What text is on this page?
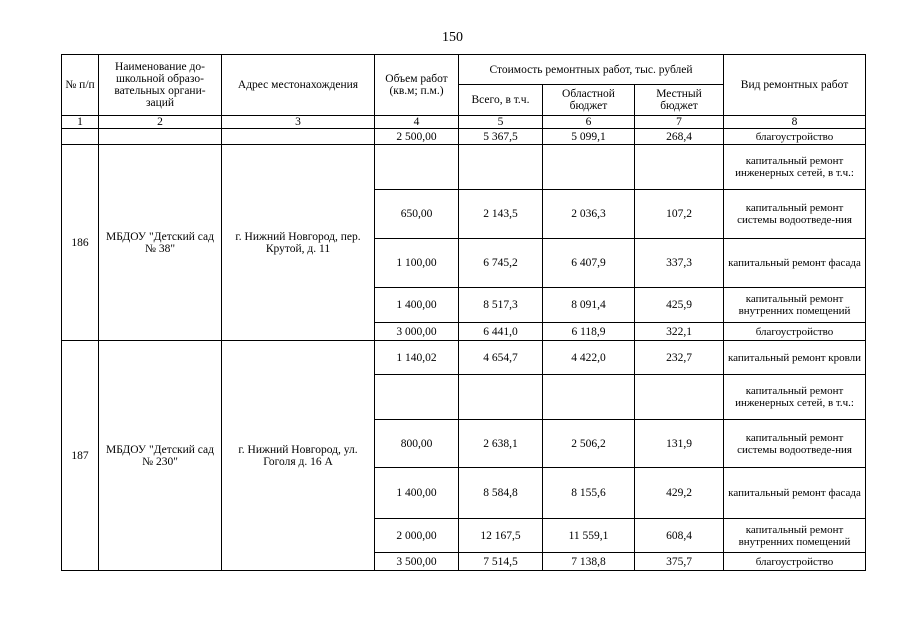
150
№ п/п	Наименование до-школьной образо-вательных органи-заций	Адрес местонахождения	Объем работ (кв.м; п.м.)	Стоимость ремонтных работ, тыс. рублей			Вид ремонтных работ
				Всего, в т.ч.	Областной бюджет	Местный бюджет	
1	2	3	4	5	6	7	8
			2 500,00	5 367,5	5 099,1	268,4	благоустройство
186	МБДОУ "Детский сад № 38"	г. Нижний Новгород, пер. Крутой, д. 11					капитальный ремонт инженерных сетей, в т.ч.:
			650,00	2 143,5	2 036,3	107,2	капитальный ремонт системы водоотведе-ния
			1 100,00	6 745,2	6 407,9	337,3	капитальный ремонт фасада
			1 400,00	8 517,3	8 091,4	425,9	капитальный ремонт внутренних помещений
			3 000,00	6 441,0	6 118,9	322,1	благоустройство
187	МБДОУ "Детский сад № 230"	г. Нижний Новгород, ул. Гоголя д. 16 А	1 140,02	4 654,7	4 422,0	232,7	капитальный ремонт кровли
							капитальный ремонт инженерных сетей, в т.ч.:
			800,00	2 638,1	2 506,2	131,9	капитальный ремонт системы водоотведе-ния
			1 400,00	8 584,8	8 155,6	429,2	капитальный ремонт фасада
			2 000,00	12 167,5	11 559,1	608,4	капитальный ремонт внутренних помещений
			3 500,00	7 514,5	7 138,8	375,7	благоустройство
